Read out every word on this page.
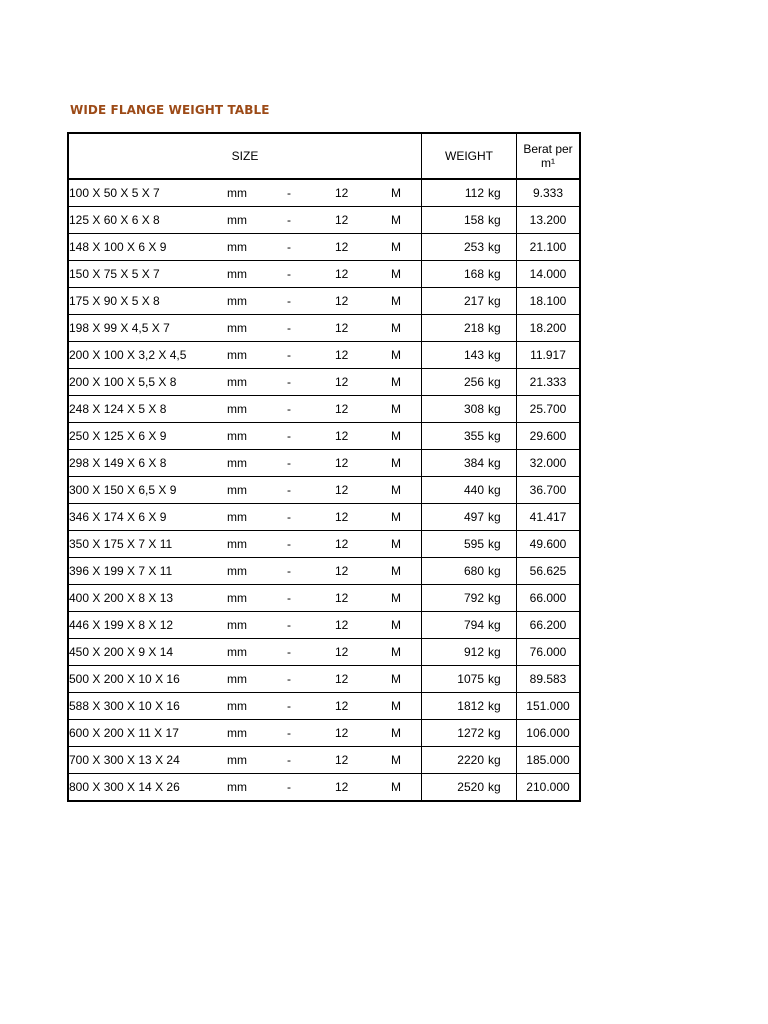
WIDE FLANGE WEIGHT TABLE
SIZE					WEIGHT	Berat per
m¹
100 X 50 X 5 X 7	mm	-	12	M	112 kg	9.333
125 X 60 X 6 X 8	mm	-	12	M	158 kg	13.200
148 X 100 X 6 X 9	mm	-	12	M	253 kg	21.100
150 X 75 X 5 X 7	mm	-	12	M	168 kg	14.000
175 X 90 X 5 X 8	mm	-	12	M	217 kg	18.100
198 X 99 X 4,5 X 7	mm	-	12	M	218 kg	18.200
200 X 100 X 3,2 X 4,5	mm	-	12	M	143 kg	11.917
200 X 100 X 5,5 X 8	mm	-	12	M	256 kg	21.333
248 X 124 X 5 X 8	mm	-	12	M	308 kg	25.700
250 X 125 X 6 X 9	mm	-	12	M	355 kg	29.600
298 X 149 X 6 X 8	mm	-	12	M	384 kg	32.000
300 X 150 X 6,5 X 9	mm	-	12	M	440 kg	36.700
346 X 174 X 6 X 9	mm	-	12	M	497 kg	41.417
350 X 175 X 7 X 11	mm	-	12	M	595 kg	49.600
396 X 199 X 7 X 11	mm	-	12	M	680 kg	56.625
400 X 200 X 8 X 13	mm	-	12	M	792 kg	66.000
446 X 199 X 8 X 12	mm	-	12	M	794 kg	66.200
450 X 200 X 9 X 14	mm	-	12	M	912 kg	76.000
500 X 200 X 10 X 16	mm	-	12	M	1075 kg	89.583
588 X 300 X 10 X 16	mm	-	12	M	1812 kg	151.000
600 X 200 X 11 X 17	mm	-	12	M	1272 kg	106.000
700 X 300 X 13 X 24	mm	-	12	M	2220 kg	185.000
800 X 300 X 14 X 26	mm	-	12	M	2520 kg	210.000
